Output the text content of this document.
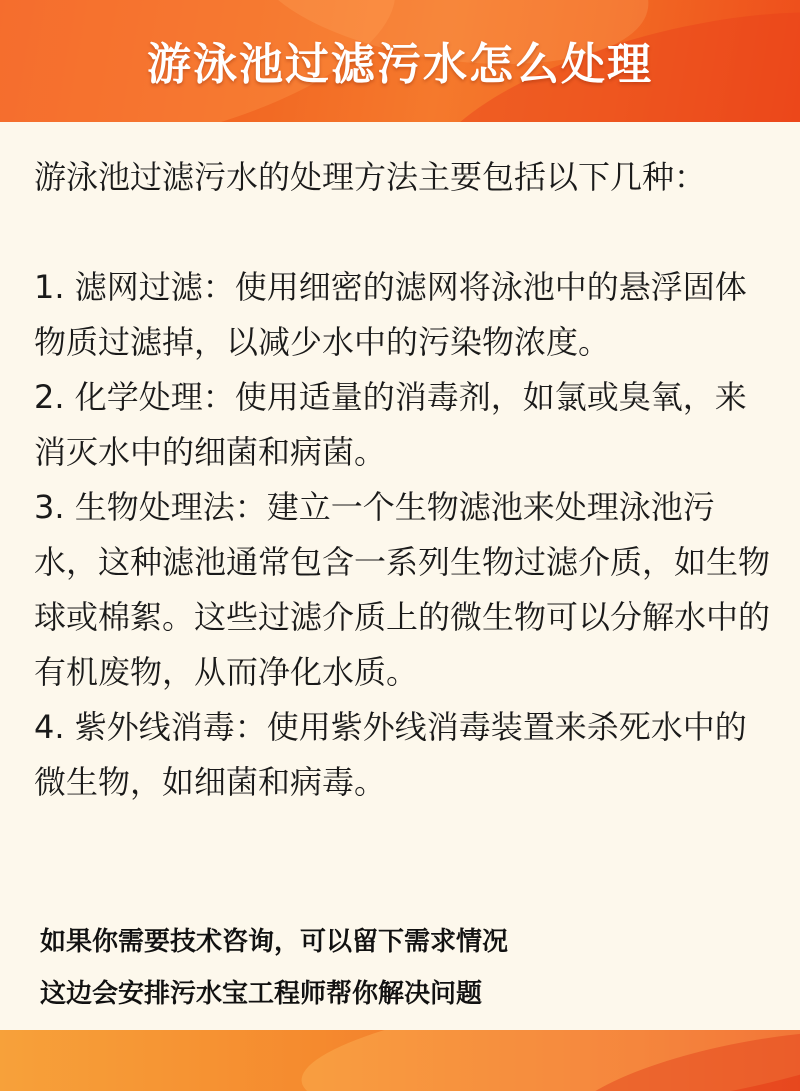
游泳池过滤污水怎么处理

游泳池过滤污水的处理方法主要包括以下几种：

1. 滤网过滤：使用细密的滤网将泳池中的悬浮固体物质过滤掉，以减少水中的污染物浓度。

2. 化学处理：使用适量的消毒剂，如氯或臭氧，来消灭水中的细菌和病菌。

3. 生物处理法：建立一个生物滤池来处理泳池污水，这种滤池通常包含一系列生物过滤介质，如生物球或棉絮。这些过滤介质上的微生物可以分解水中的有机废物，从而净化水质。

4. 紫外线消毒：使用紫外线消毒装置来杀死水中的微生物，如细菌和病毒。

如果你需要技术咨询，可以留下需求情况

这边会安排污水宝工程师帮你解决问题
